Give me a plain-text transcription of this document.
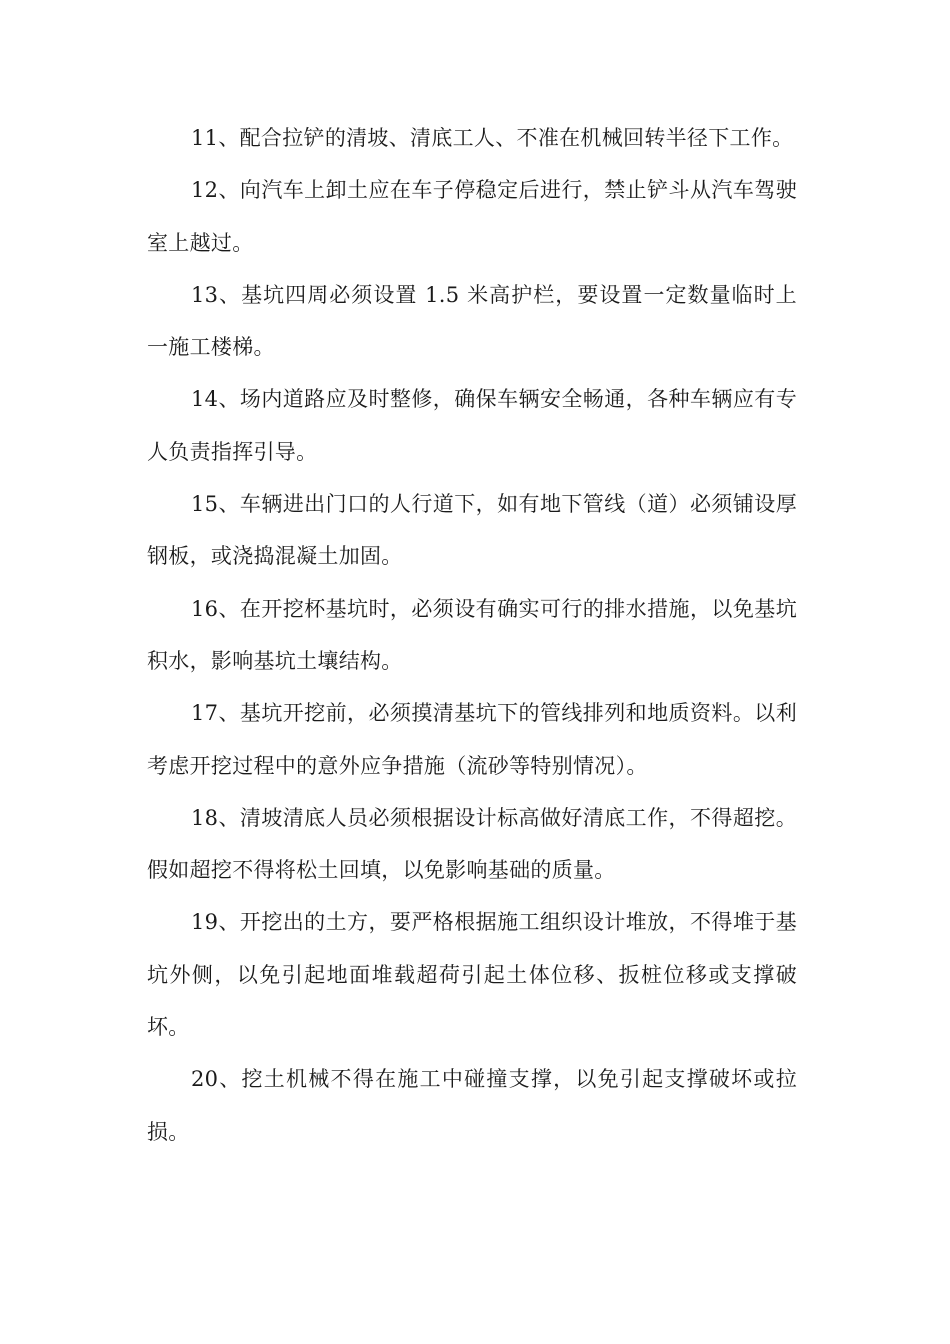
11、配合拉铲的清坡、清底工人、不准在机械回转半径下工作。

12、向汽车上卸土应在车子停稳定后进行，禁止铲斗从汽车驾驶室上越过。

13、基坑四周必须设置 1.5 米高护栏，要设置一定数量临时上一施工楼梯。

14、场内道路应及时整修，确保车辆安全畅通，各种车辆应有专人负责指挥引导。

15、车辆进出门口的人行道下，如有地下管线（道）必须铺设厚钢板，或浇捣混凝土加固。

16、在开挖杯基坑时，必须设有确实可行的排水措施，以免基坑积水，影响基坑土壤结构。

17、基坑开挖前，必须摸清基坑下的管线排列和地质资料。以利考虑开挖过程中的意外应争措施（流砂等特别情况）。

18、清坡清底人员必须根据设计标高做好清底工作，不得超挖。假如超挖不得将松土回填，以免影响基础的质量。

19、开挖出的土方，要严格根据施工组织设计堆放，不得堆于基坑外侧，以免引起地面堆载超荷引起土体位移、扳桩位移或支撑破坏。

20、挖土机械不得在施工中碰撞支撑，以免引起支撑破坏或拉损。
